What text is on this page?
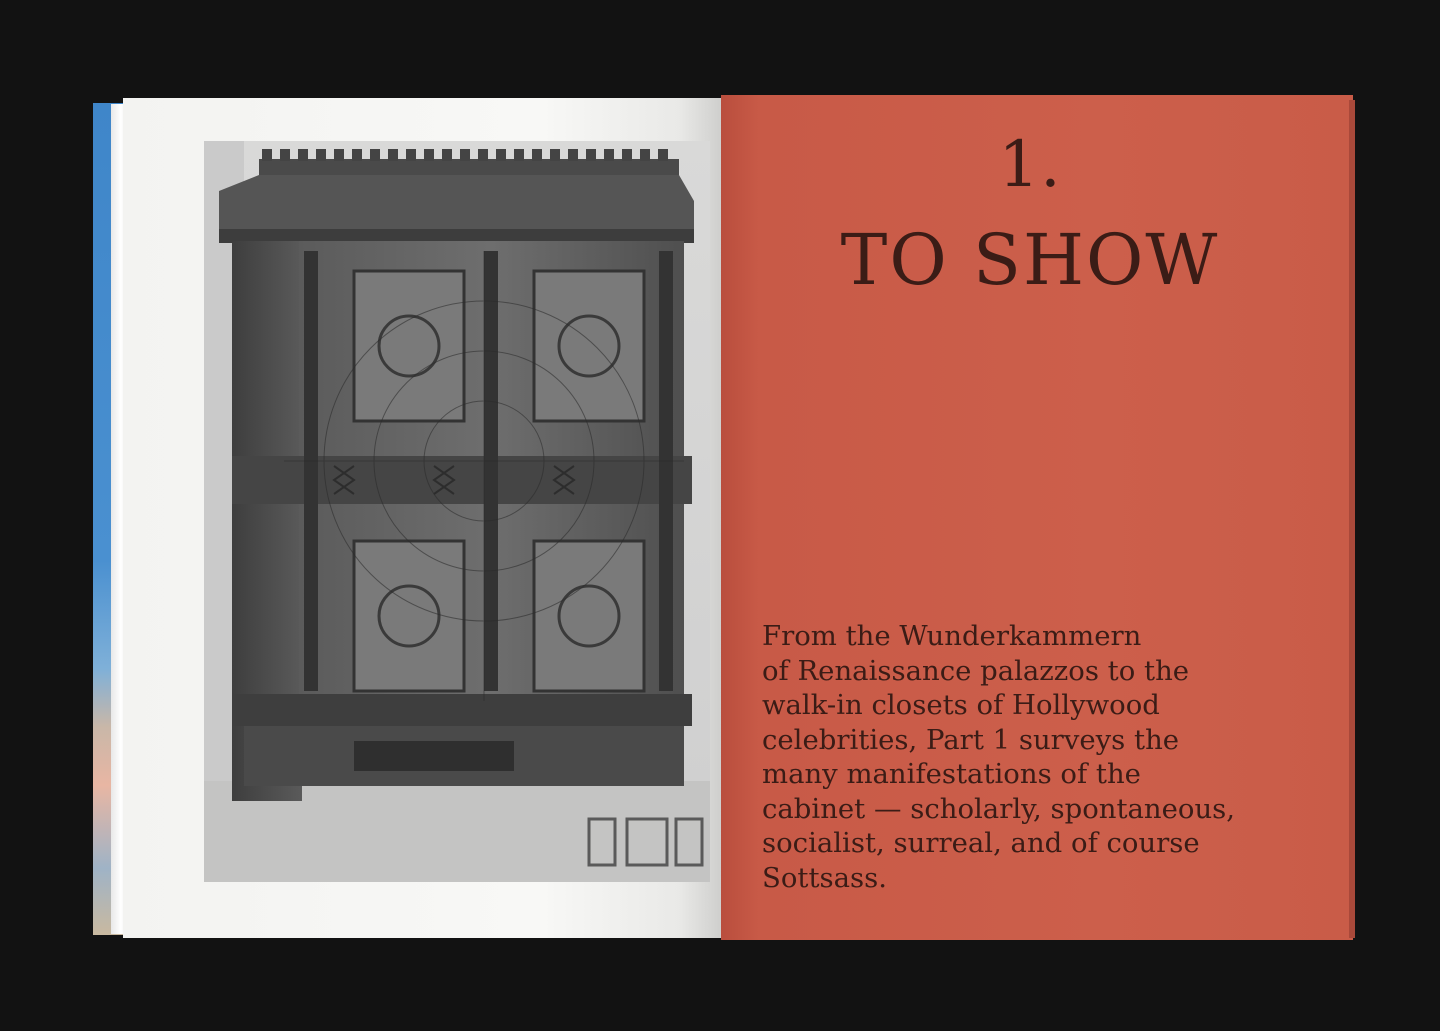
1.
TO SHOW

From the Wunderkammern
of Renaissance palazzos to the
walk-in closets of Hollywood
celebrities, Part 1 surveys the
many manifestations of the
cabinet — scholarly, spontaneous,
socialist, surreal, and of course
Sottsass.
